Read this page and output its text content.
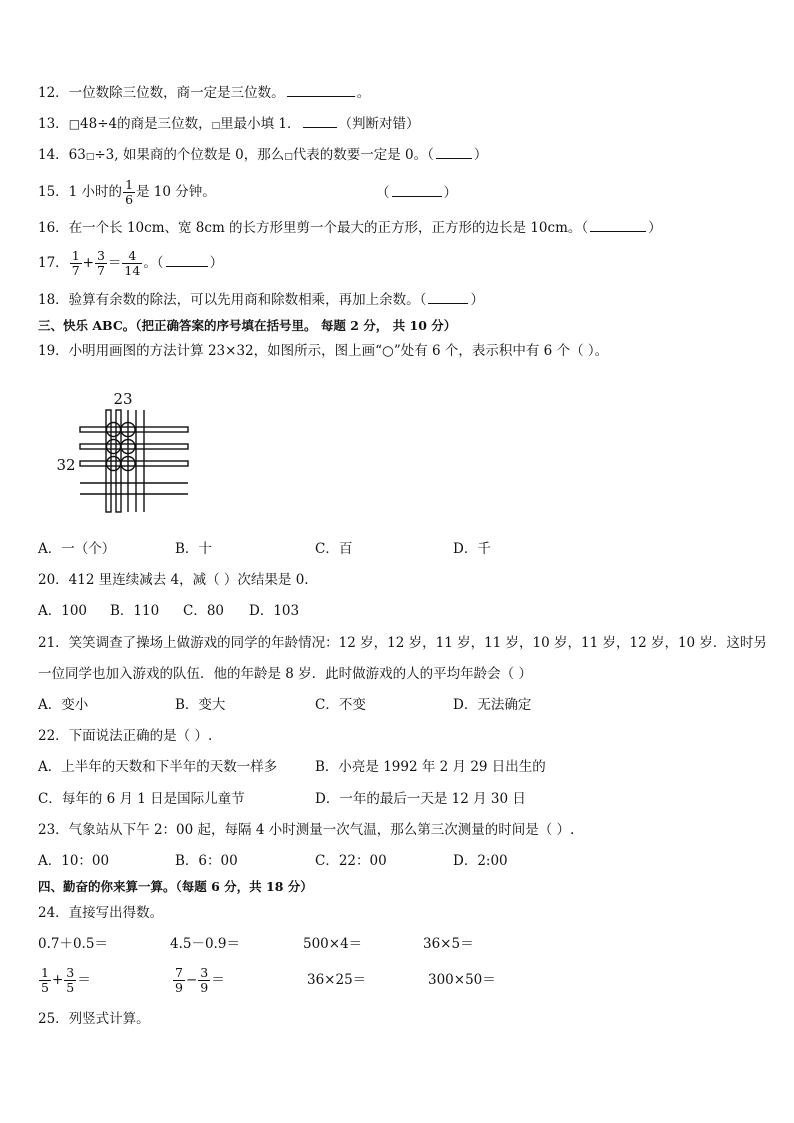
12．一位数除三位数，商一定是三位数。	。
13．□48÷4的商是三位数，□里最小填 1．	（判断对错）
14．63□÷3, 如果商的个位数是 0，那么□代表的数要一定是 0。（	）
15．1 小时的 $\frac{1}{6}$ 是 10 分钟。	（	）
16．在一个长 10cm、宽 8cm 的长方形里剪一个最大的正方形，正方形的边长是 10cm。（	）
17． $\frac{1}{7} + \frac{3}{7} = \frac{4}{14}$ 。（	）
18．验算有余数的除法，可以先用商和除数相乘，再加上余数。（	）
三、快乐 ABC。（把正确答案的序号填在括号里。 每题 2 分， 共 10 分）
19．小明用画图的方法计算 23×32，如图所示，图上画“○”处有 6 个，表示积中有 6 个（ ）。
23
32
A．一（个）	B．十	C．百	D．千
20．412 里连续减去 4，减（ ）次结果是 0.
A．100 B．110 C．80 D．103
21．笑笑调查了操场上做游戏的同学的年龄情况：12 岁，12 岁，11 岁，11 岁，10 岁，11 岁，12 岁，10 岁．这时另
一位同学也加入游戏的队伍．他的年龄是 8 岁．此时做游戏的人的平均年龄会（ ）
A．变小	B．变大	C．不变	D．无法确定
22．下面说法正确的是（ ）.
A．上半年的天数和下半年的天数一样多	B．小亮是 1992 年 2 月 29 日出生的
C．每年的 6 月 1 日是国际儿童节	D．一年的最后一天是 12 月 30 日
23．气象站从下午 2：00 起，每隔 4 小时测量一次气温，那么第三次测量的时间是（ ）.
A．10：00	B．6：00	C．22：00	D．2:00
四、勤奋的你来算一算。（每题 6 分，共 18 分）
24．直接写出得数。
0.7＋0.5＝	4.5－0.9＝	500×4＝	36×5＝
$\frac{1}{5} + \frac{3}{5}$ ＝	$\frac{7}{9} - \frac{3}{9}$ ＝	36×25＝	300×50＝
25．列竖式计算。
